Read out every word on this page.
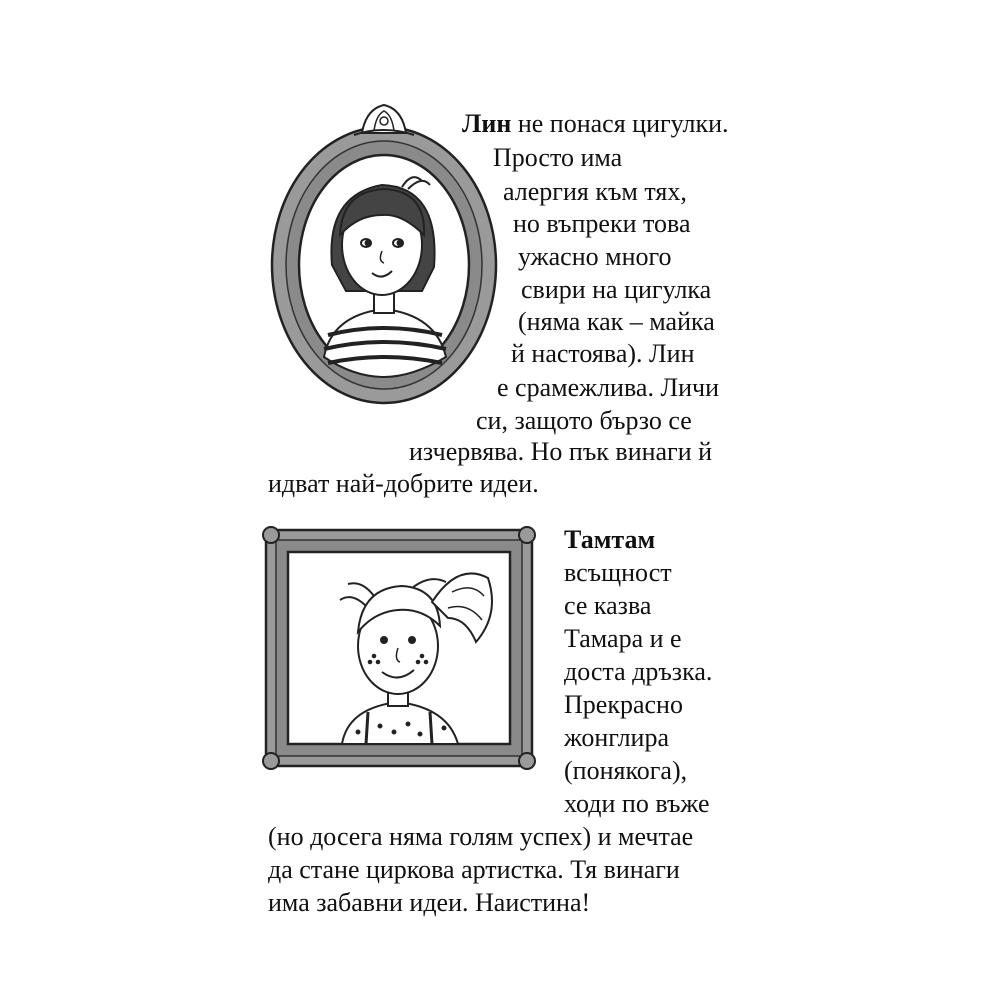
Лин не понася цигулки.
Просто има
алергия към тях,
но въпреки това
ужасно много
свири на цигулка
(няма как – майка
й настоява). Лин
е срамежлива. Личи
си, защото бързо се
изчервява. Но пък винаги й
идват най-добрите идеи.
Тамтам
всъщност
се казва
Тамара и е
доста дръзка.
Прекрасно
жонглира
(понякога),
ходи по въже
(но досега няма голям успех) и мечтае
да стане циркова артистка. Тя винаги
има забавни идеи. Наистина!
